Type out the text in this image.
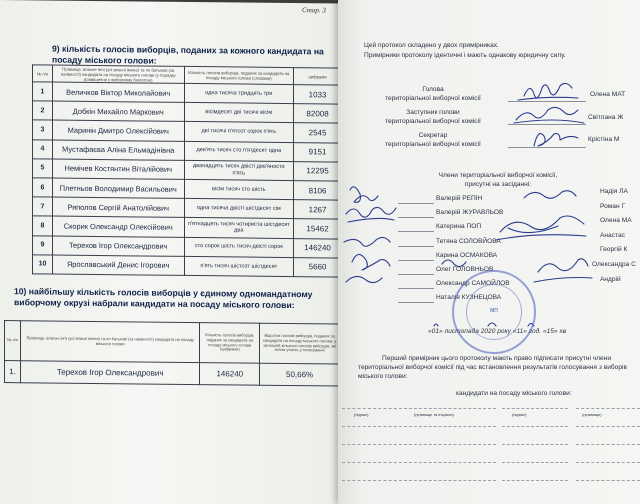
Стор. 3
9) кількість голосів виборців, поданих за кожного кандидата на посаду міського голови:
№ п/п	Прізвище, власне ім'я (усі власні імена) та по батькові (за наявності) кандидата на посаду міського голови (у порядку розміщення у виборчому бюлетені)	Кількість голосів виборців, поданих за кандидата на посаду міського голови (словами)	цифрами
1	Величков Віктор Миколайович	одна тисяча тридцять три	1033
2	Добкін Михайло Маркович	вісімдесят дві тисячі вісім	82008
3	Маринін Дмитро Олексійович	дві тисячі п'ятсот сорок п'ять	2545
4	Мустафаєва Аліна Ельмадінівна	дев'ять тисяч сто п'ятдесят одна	9151
5	Немічев Костянтин Віталійович	дванадцять тисяч двісті дев'яносто п'ять	12295
6	Плетньов Володимир Васильович	вісім тисяч сто шість	8106
7	Ряполов Сергій Анатолійович	одна тисяча двісті шістдесят сім	1267
8	Скорик Олександр Олексійович	п'ятнадцять тисяч чотириста шістдесят два	15462
9	Терехов Ігор Олександрович	сто сорок шість тисяч двісті сорок	146240
10	Ярославський Денис Ігорович	п'ять тисяч шістсот шістдесят	5660
10) найбільшу кількість голосів виборців у єдиному одномандатному виборчому окрузі набрали кандидати на посаду міського голови:
№ п/п	Прізвище, власне ім'я (усі власні імена) та по батькові (за наявності) кандидата на посаду міського голови	Кількість голосів виборців, поданих за кандидата на посаду міського голови (цифрами)	Відсоток голосів виборців, поданих за кандидата на посаду міського голови, у загальній кількості голосів виборців, які взяли участь у голосуванні
1.	Терехов Ігор Олександрович	146240	50,66%
Цей протокол складено у двох примірниках.
Примірники протоколу ідентичні і мають однакову юридичну силу.
Голова
територіальної виборчої комісії
Олена МАТ
Заступник голови
територіальної виборчої комісії
Світлана Ж
Секретар
територіальної виборчої комісії
Крістіна М
Члени територіальної виборчої комісії,
присутні на засіданні:
Валерій РЕПІН
Валерій ЖУРАВЛЬОВ
Катерина ПОП
Тетяна СОЛОВЙОВА
Карина ОСМАКОВА
Олег ГОЛОВНЬОВ
Олександр САМОЙЛОВ
Наталія КУЗНЕЦОВА
Надія ЛА
Роман Г
Олена МА
Анастас
Георгій К
Олександра С
Андрій
«01» листопада 2020 року «11» год. «15» хв
Перший примірник цього протоколу мають право підписати присутні члени територіальної виборчої комісії під час встановлення результатів голосування з виборів міського голови:
кандидати на посаду міського голови:
(підпис)	(прізвище та ініціали)	(підпис)	(прізвище)
МП
